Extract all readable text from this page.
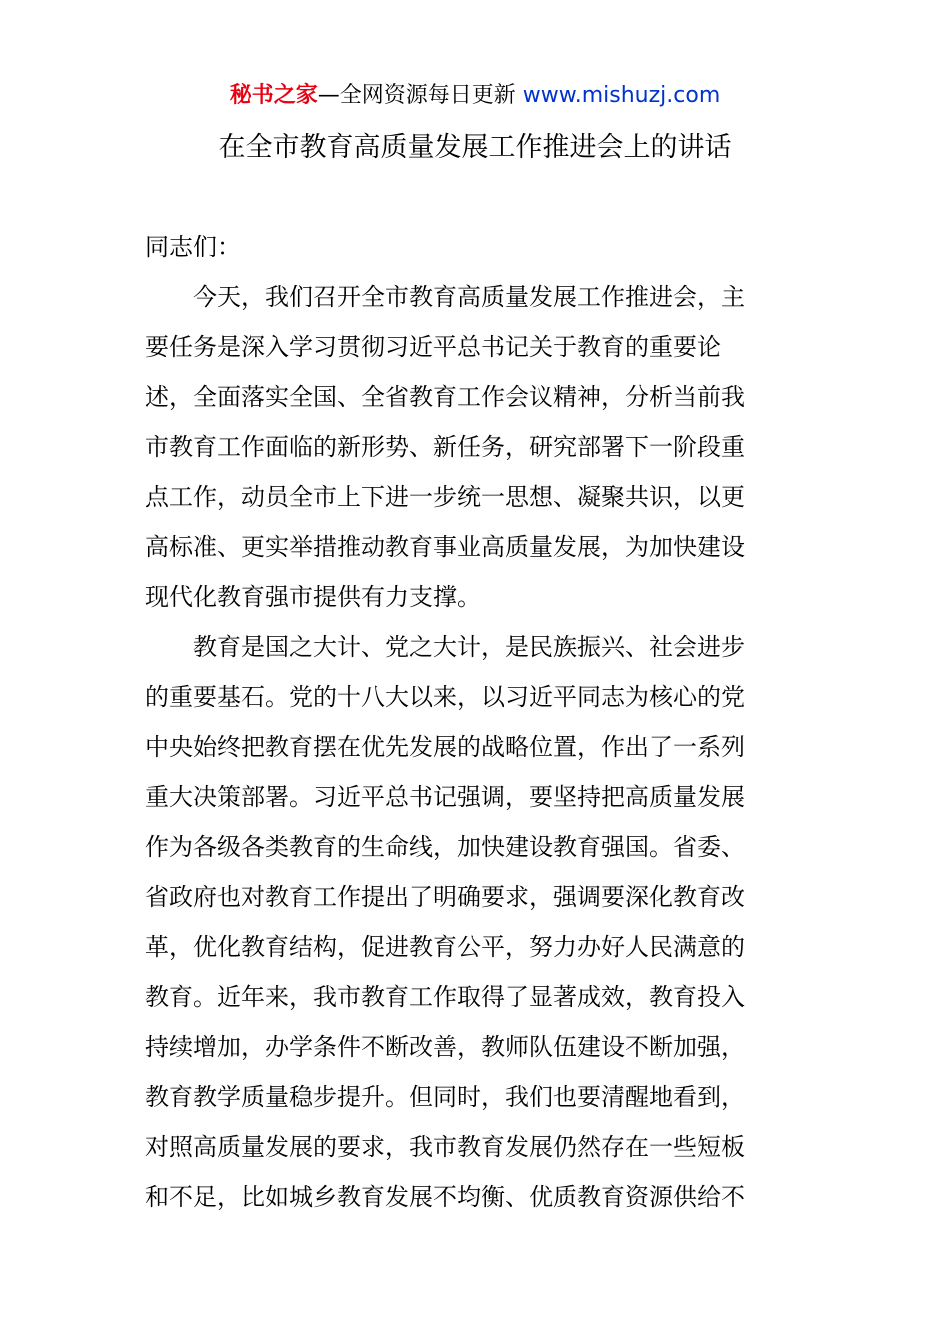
秘书之家—全网资源每日更新 www.mishuzj.com
在全市教育高质量发展工作推进会上的讲话
同志们：
今天，我们召开全市教育高质量发展工作推进会，主
要任务是深入学习贯彻习近平总书记关于教育的重要论
述，全面落实全国、全省教育工作会议精神，分析当前我
市教育工作面临的新形势、新任务，研究部署下一阶段重
点工作，动员全市上下进一步统一思想、凝聚共识，以更
高标准、更实举措推动教育事业高质量发展，为加快建设
现代化教育强市提供有力支撑。
教育是国之大计、党之大计，是民族振兴、社会进步
的重要基石。党的十八大以来，以习近平同志为核心的党
中央始终把教育摆在优先发展的战略位置，作出了一系列
重大决策部署。习近平总书记强调，要坚持把高质量发展
作为各级各类教育的生命线，加快建设教育强国。省委、
省政府也对教育工作提出了明确要求，强调要深化教育改
革，优化教育结构，促进教育公平，努力办好人民满意的
教育。近年来，我市教育工作取得了显著成效，教育投入
持续增加，办学条件不断改善，教师队伍建设不断加强，
教育教学质量稳步提升。但同时，我们也要清醒地看到，
对照高质量发展的要求，我市教育发展仍然存在一些短板
和不足，比如城乡教育发展不均衡、优质教育资源供给不
